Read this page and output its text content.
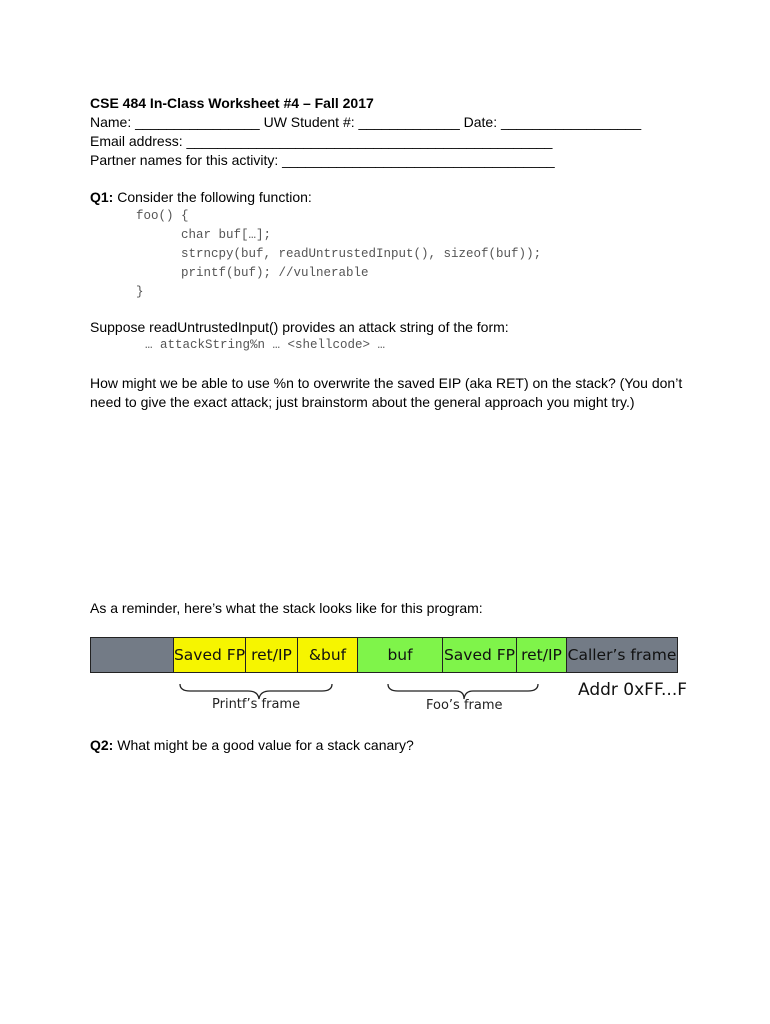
CSE 484 In-Class Worksheet #4 – Fall 2017
Name: ________________ UW Student #: _____________ Date: __________________
Email address: _______________________________________________
Partner names for this activity: ___________________________________
Q1: Consider the following function:
foo() {
char buf[…];
strncpy(buf, readUntrustedInput(), sizeof(buf));
printf(buf); //vulnerable
}
Suppose readUntrustedInput() provides an attack string of the form:
… attackString%n … <shellcode> …
How might we be able to use %n to overwrite the saved EIP (aka RET) on the stack? (You don’t need to give the exact attack; just brainstorm about the general approach you might try.)
As a reminder, here’s what the stack looks like for this program:
Saved FP ret/IP	&buf	buf	Saved FP ret/IP Caller’s frame
Printf’s frame	Foo’s frame
Addr 0xFF...F
Q2: What might be a good value for a stack canary?
